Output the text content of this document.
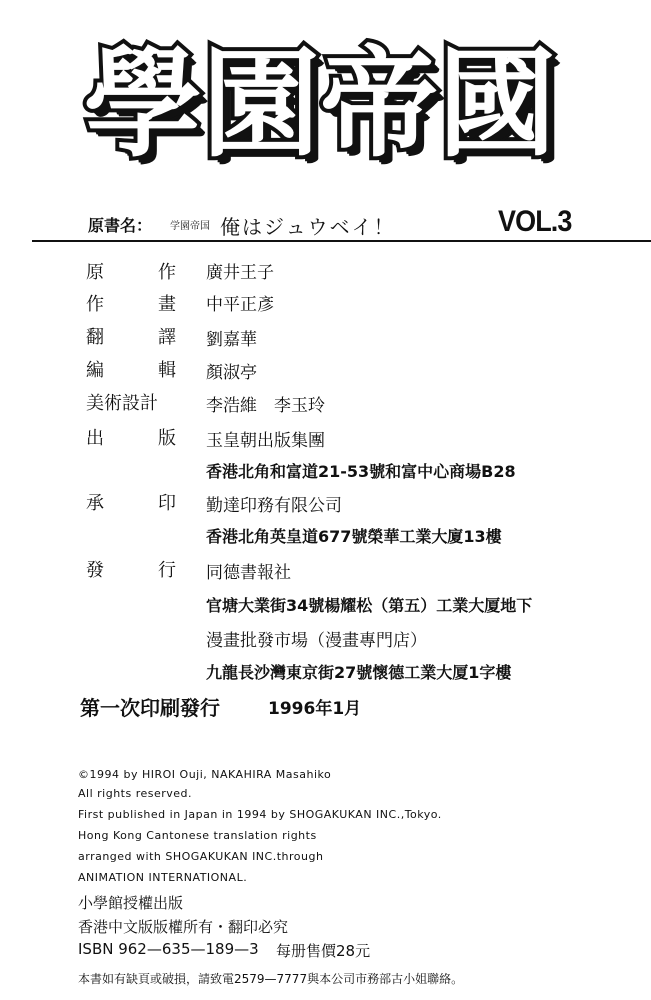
學 園 帝 國
原書名： 学園帝国 俺はジュウベイ！	VOL.3
原	作 廣井王子
作	畫 中平正彥
翻	譯 劉嘉華
編	輯 顏淑亭
美術設計	李浩維　李玉玲
出	版 玉皇朝出版集團
香港北角和富道21-53號和富中心商場B28
承	印 勤達印務有限公司
香港北角英皇道677號榮華工業大廈13樓
發	行 同德書報社
官塘大業街34號楊耀松（第五）工業大厦地下
漫畫批發市場（漫畫專門店）
九龍長沙灣東京街27號懷德工業大厦1字樓
第一次印刷發行	1996年1月
©1994 by HIROI Ouji, NAKAHIRA Masahiko
All rights reserved.
First published in Japan in 1994 by SHOGAKUKAN INC.,Tokyo.
Hong Kong Cantonese translation rights
arranged with SHOGAKUKAN INC.through
ANIMATION INTERNATIONAL.
小學館授權出版
香港中文版版權所有・翻印必究
ISBN 962—635—189—3 每册售價28元
本書如有缺頁或破損，請致電2579—7777與本公司市務部古小姐聯絡。
